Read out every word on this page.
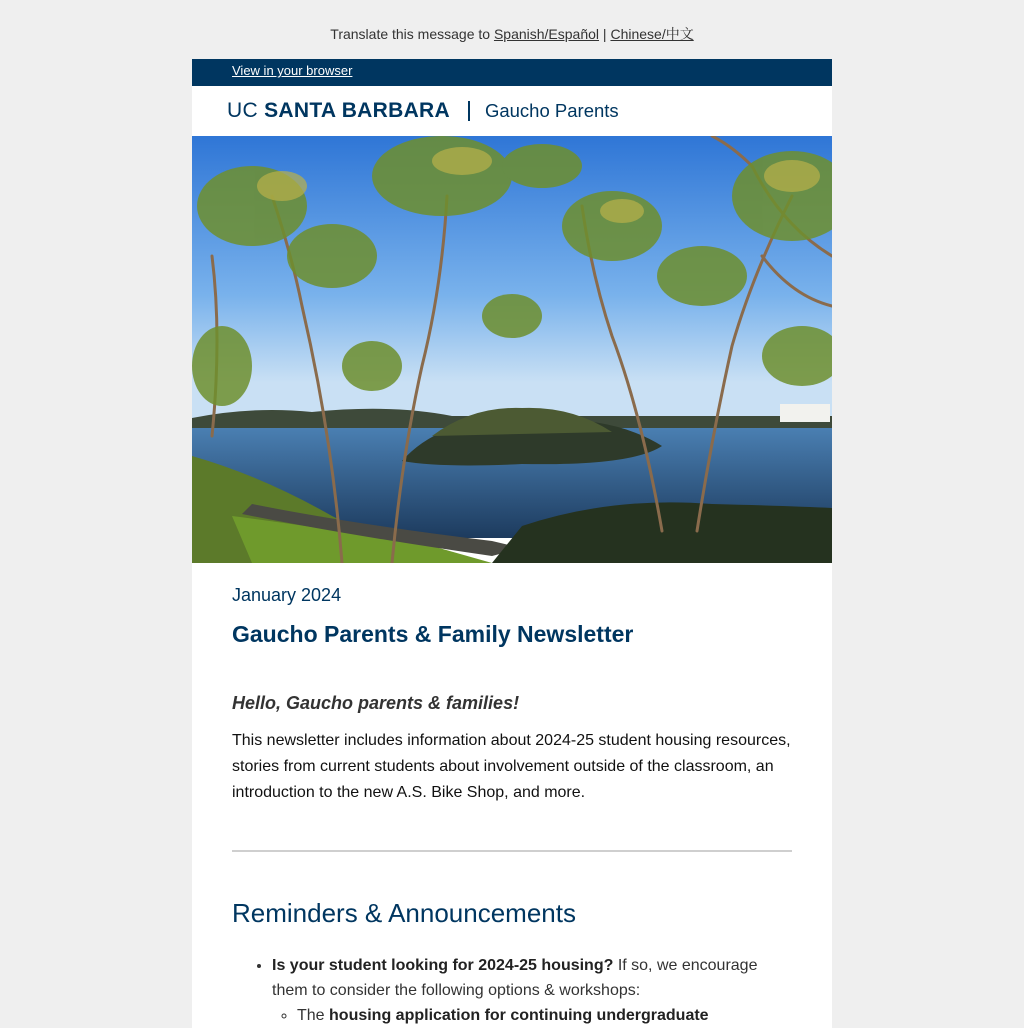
Translate this message to Spanish/Español | Chinese/中文
View in your browser
UC SANTA BARBARA Gaucho Parents

January 2024

Gaucho Parents & Family Newsletter

Hello, Gaucho parents & families!

This newsletter includes information about 2024-25 student housing resources, stories from current students about involvement outside of the classroom, an introduction to the new A.S. Bike Shop, and more.

Reminders & Announcements
• Is your student looking for 2024-25 housing? If so, we encourage them to consider the following options & workshops:
◦ The housing application for continuing undergraduate
